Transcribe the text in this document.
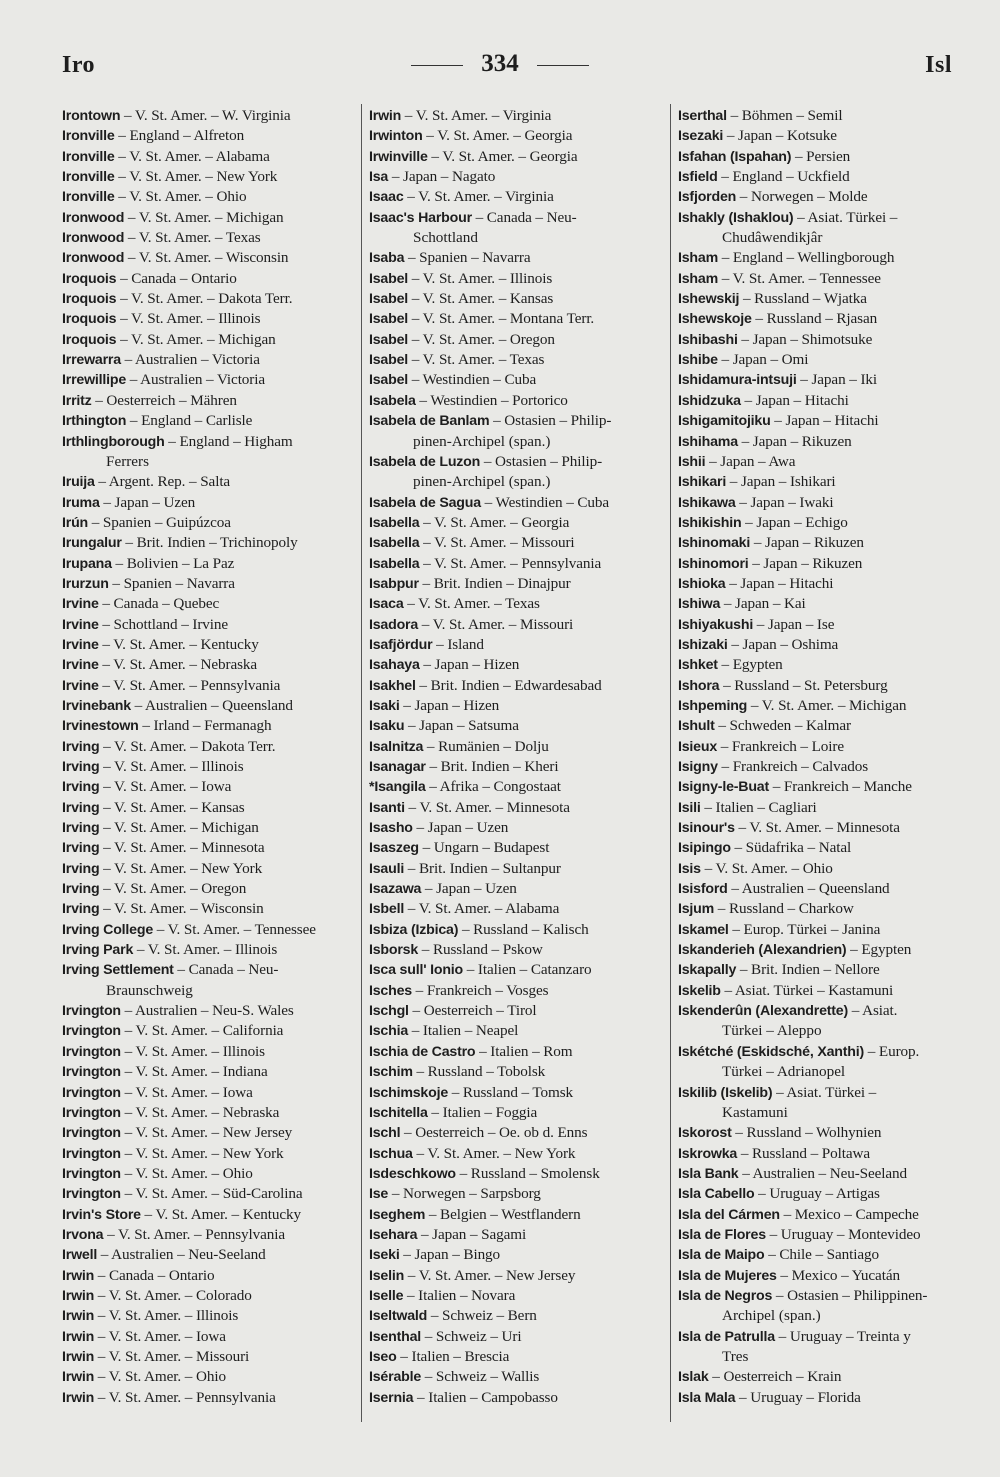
Iro	334	Isl
Irontown – V. St. Amer. – W. Virginia
Ironville – England – Alfreton
Ironville – V. St. Amer. – Alabama
Ironville – V. St. Amer. – New York
Ironville – V. St. Amer. – Ohio
Ironwood – V. St. Amer. – Michigan
Ironwood – V. St. Amer. – Texas
Ironwood – V. St. Amer. – Wisconsin
Iroquois – Canada – Ontario
Iroquois – V. St. Amer. – Dakota Terr.
Iroquois – V. St. Amer. – Illinois
Iroquois – V. St. Amer. – Michigan
Irrewarra – Australien – Victoria
Irrewillipe – Australien – Victoria
Irritz – Oesterreich – Mähren
Irthington – England – Carlisle
Irthlingborough – England – Higham
Ferrers
Iruija – Argent. Rep. – Salta
Iruma – Japan – Uzen
Irún – Spanien – Guipúzcoa
Irungalur – Brit. Indien – Trichinopoly
Irupana – Bolivien – La Paz
Irurzun – Spanien – Navarra
Irvine – Canada – Quebec
Irvine – Schottland – Irvine
Irvine – V. St. Amer. – Kentucky
Irvine – V. St. Amer. – Nebraska
Irvine – V. St. Amer. – Pennsylvania
Irvinebank – Australien – Queensland
Irvinestown – Irland – Fermanagh
Irving – V. St. Amer. – Dakota Terr.
Irving – V. St. Amer. – Illinois
Irving – V. St. Amer. – Iowa
Irving – V. St. Amer. – Kansas
Irving – V. St. Amer. – Michigan
Irving – V. St. Amer. – Minnesota
Irving – V. St. Amer. – New York
Irving – V. St. Amer. – Oregon
Irving – V. St. Amer. – Wisconsin
Irving College – V. St. Amer. – Tennessee
Irving Park – V. St. Amer. – Illinois
Irving Settlement – Canada – Neu-
Braunschweig
Irvington – Australien – Neu-S. Wales
Irvington – V. St. Amer. – California
Irvington – V. St. Amer. – Illinois
Irvington – V. St. Amer. – Indiana
Irvington – V. St. Amer. – Iowa
Irvington – V. St. Amer. – Nebraska
Irvington – V. St. Amer. – New Jersey
Irvington – V. St. Amer. – New York
Irvington – V. St. Amer. – Ohio
Irvington – V. St. Amer. – Süd-Carolina
Irvin's Store – V. St. Amer. – Kentucky
Irvona – V. St. Amer. – Pennsylvania
Irwell – Australien – Neu-Seeland
Irwin – Canada – Ontario
Irwin – V. St. Amer. – Colorado
Irwin – V. St. Amer. – Illinois
Irwin – V. St. Amer. – Iowa
Irwin – V. St. Amer. – Missouri
Irwin – V. St. Amer. – Ohio
Irwin – V. St. Amer. – Pennsylvania
Irwin – V. St. Amer. – Virginia
Irwinton – V. St. Amer. – Georgia
Irwinville – V. St. Amer. – Georgia
Isa – Japan – Nagato
Isaac – V. St. Amer. – Virginia
Isaac's Harbour – Canada – Neu-
Schottland
Isaba – Spanien – Navarra
Isabel – V. St. Amer. – Illinois
Isabel – V. St. Amer. – Kansas
Isabel – V. St. Amer. – Montana Terr.
Isabel – V. St. Amer. – Oregon
Isabel – V. St. Amer. – Texas
Isabel – Westindien – Cuba
Isabela – Westindien – Portorico
Isabela de Banlam – Ostasien – Philip-
pinen-Archipel (span.)
Isabela de Luzon – Ostasien – Philip-
pinen-Archipel (span.)
Isabela de Sagua – Westindien – Cuba
Isabella – V. St. Amer. – Georgia
Isabella – V. St. Amer. – Missouri
Isabella – V. St. Amer. – Pennsylvania
Isabpur – Brit. Indien – Dinajpur
Isaca – V. St. Amer. – Texas
Isadora – V. St. Amer. – Missouri
Isafjördur – Island
Isahaya – Japan – Hizen
Isakhel – Brit. Indien – Edwardesabad
Isaki – Japan – Hizen
Isaku – Japan – Satsuma
Isalnitza – Rumänien – Dolju
Isanagar – Brit. Indien – Kheri
*Isangila – Afrika – Congostaat
Isanti – V. St. Amer. – Minnesota
Isasho – Japan – Uzen
Isaszeg – Ungarn – Budapest
Isauli – Brit. Indien – Sultanpur
Isazawa – Japan – Uzen
Isbell – V. St. Amer. – Alabama
Isbiza (Izbica) – Russland – Kalisch
Isborsk – Russland – Pskow
Isca sull' Ionio – Italien – Catanzaro
Isches – Frankreich – Vosges
Ischgl – Oesterreich – Tirol
Ischia – Italien – Neapel
Ischia de Castro – Italien – Rom
Ischim – Russland – Tobolsk
Ischimskoje – Russland – Tomsk
Ischitella – Italien – Foggia
Ischl – Oesterreich – Oe. ob d. Enns
Ischua – V. St. Amer. – New York
Isdeschkowo – Russland – Smolensk
Ise – Norwegen – Sarpsborg
Iseghem – Belgien – Westflandern
Isehara – Japan – Sagami
Iseki – Japan – Bingo
Iselin – V. St. Amer. – New Jersey
Iselle – Italien – Novara
Iseltwald – Schweiz – Bern
Isenthal – Schweiz – Uri
Iseo – Italien – Brescia
Isérable – Schweiz – Wallis
Isernia – Italien – Campobasso
Iserthal – Böhmen – Semil
Isezaki – Japan – Kotsuke
Isfahan (Ispahan) – Persien
Isfield – England – Uckfield
Isfjorden – Norwegen – Molde
Ishakly (Ishaklou) – Asiat. Türkei –
Chudâwendikjâr
Isham – England – Wellingborough
Isham – V. St. Amer. – Tennessee
Ishewskij – Russland – Wjatka
Ishewskoje – Russland – Rjasan
Ishibashi – Japan – Shimotsuke
Ishibe – Japan – Omi
Ishidamura-intsuji – Japan – Iki
Ishidzuka – Japan – Hitachi
Ishigamitojiku – Japan – Hitachi
Ishihama – Japan – Rikuzen
Ishii – Japan – Awa
Ishikari – Japan – Ishikari
Ishikawa – Japan – Iwaki
Ishikishin – Japan – Echigo
Ishinomaki – Japan – Rikuzen
Ishinomori – Japan – Rikuzen
Ishioka – Japan – Hitachi
Ishiwa – Japan – Kai
Ishiyakushi – Japan – Ise
Ishizaki – Japan – Oshima
Ishket – Egypten
Ishora – Russland – St. Petersburg
Ishpeming – V. St. Amer. – Michigan
Ishult – Schweden – Kalmar
Isieux – Frankreich – Loire
Isigny – Frankreich – Calvados
Isigny-le-Buat – Frankreich – Manche
Isili – Italien – Cagliari
Isinour's – V. St. Amer. – Minnesota
Isipingo – Südafrika – Natal
Isis – V. St. Amer. – Ohio
Isisford – Australien – Queensland
Isjum – Russland – Charkow
Iskamel – Europ. Türkei – Janina
Iskanderieh (Alexandrien) – Egypten
Iskapally – Brit. Indien – Nellore
Iskelib – Asiat. Türkei – Kastamuni
Iskenderûn (Alexandrette) – Asiat.
Türkei – Aleppo
Iskétché (Eskidsché, Xanthi) – Europ.
Türkei – Adrianopel
Iskilib (Iskelib) – Asiat. Türkei –
Kastamuni
Iskorost – Russland – Wolhynien
Iskrowka – Russland – Poltawa
Isla Bank – Australien – Neu-Seeland
Isla Cabello – Uruguay – Artigas
Isla del Cármen – Mexico – Campeche
Isla de Flores – Uruguay – Montevideo
Isla de Maipo – Chile – Santiago
Isla de Mujeres – Mexico – Yucatán
Isla de Negros – Ostasien – Philippinen-
Archipel (span.)
Isla de Patrulla – Uruguay – Treinta y
Tres
Islak – Oesterreich – Krain
Isla Mala – Uruguay – Florida
